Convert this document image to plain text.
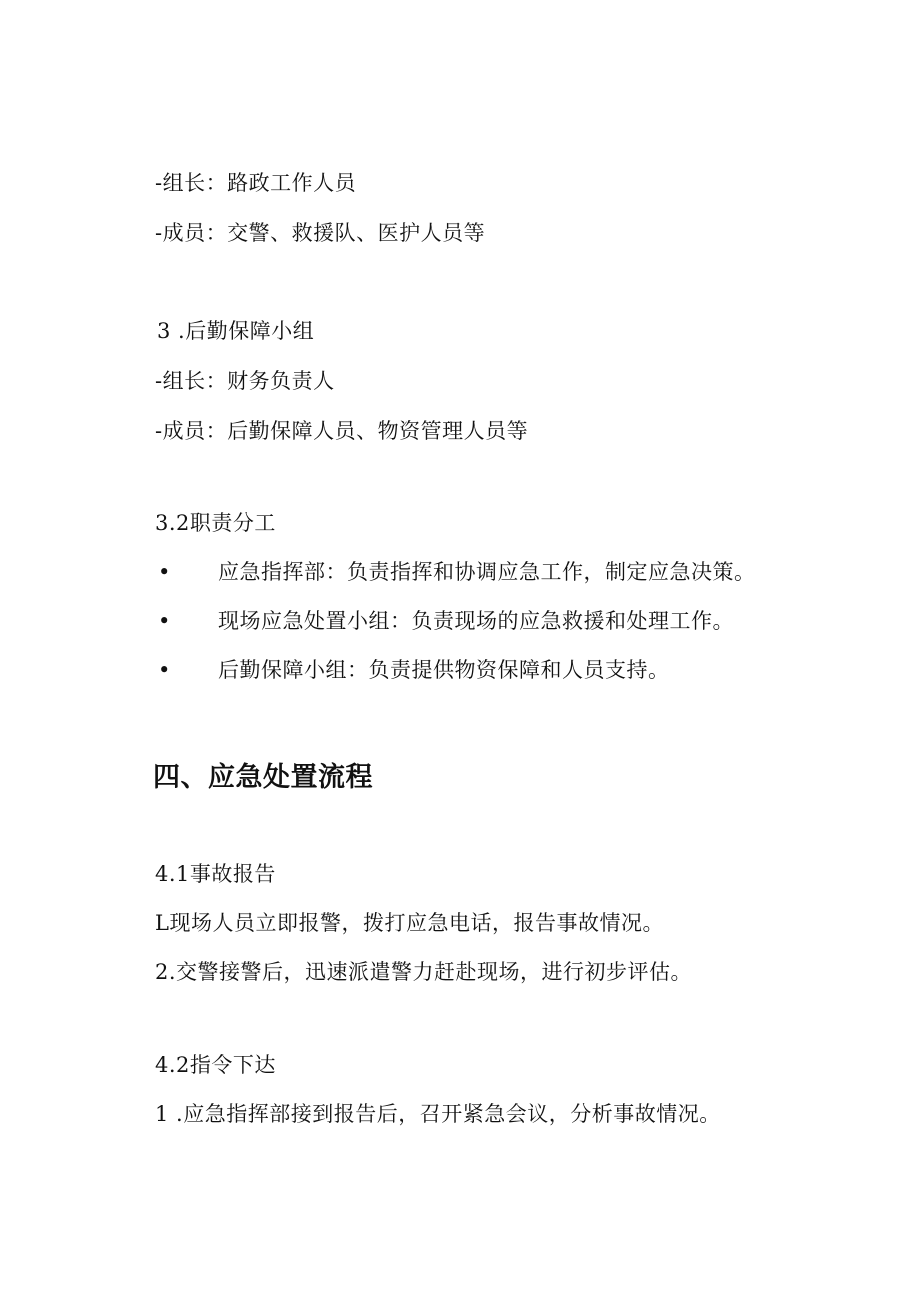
-组长：路政工作人员
-成员：交警、救援队、医护人员等
3 .后勤保障小组
-组长：财务负责人
-成员：后勤保障人员、物资管理人员等
3.2职责分工
• 应急指挥部：负责指挥和协调应急工作，制定应急决策。
• 现场应急处置小组：负责现场的应急救援和处理工作。
• 后勤保障小组：负责提供物资保障和人员支持。
四、应急处置流程
4.1事故报告
L现场人员立即报警，拨打应急电话，报告事故情况。
2.交警接警后，迅速派遣警力赶赴现场，进行初步评估。
4.2指令下达
1 .应急指挥部接到报告后，召开紧急会议，分析事故情况。
